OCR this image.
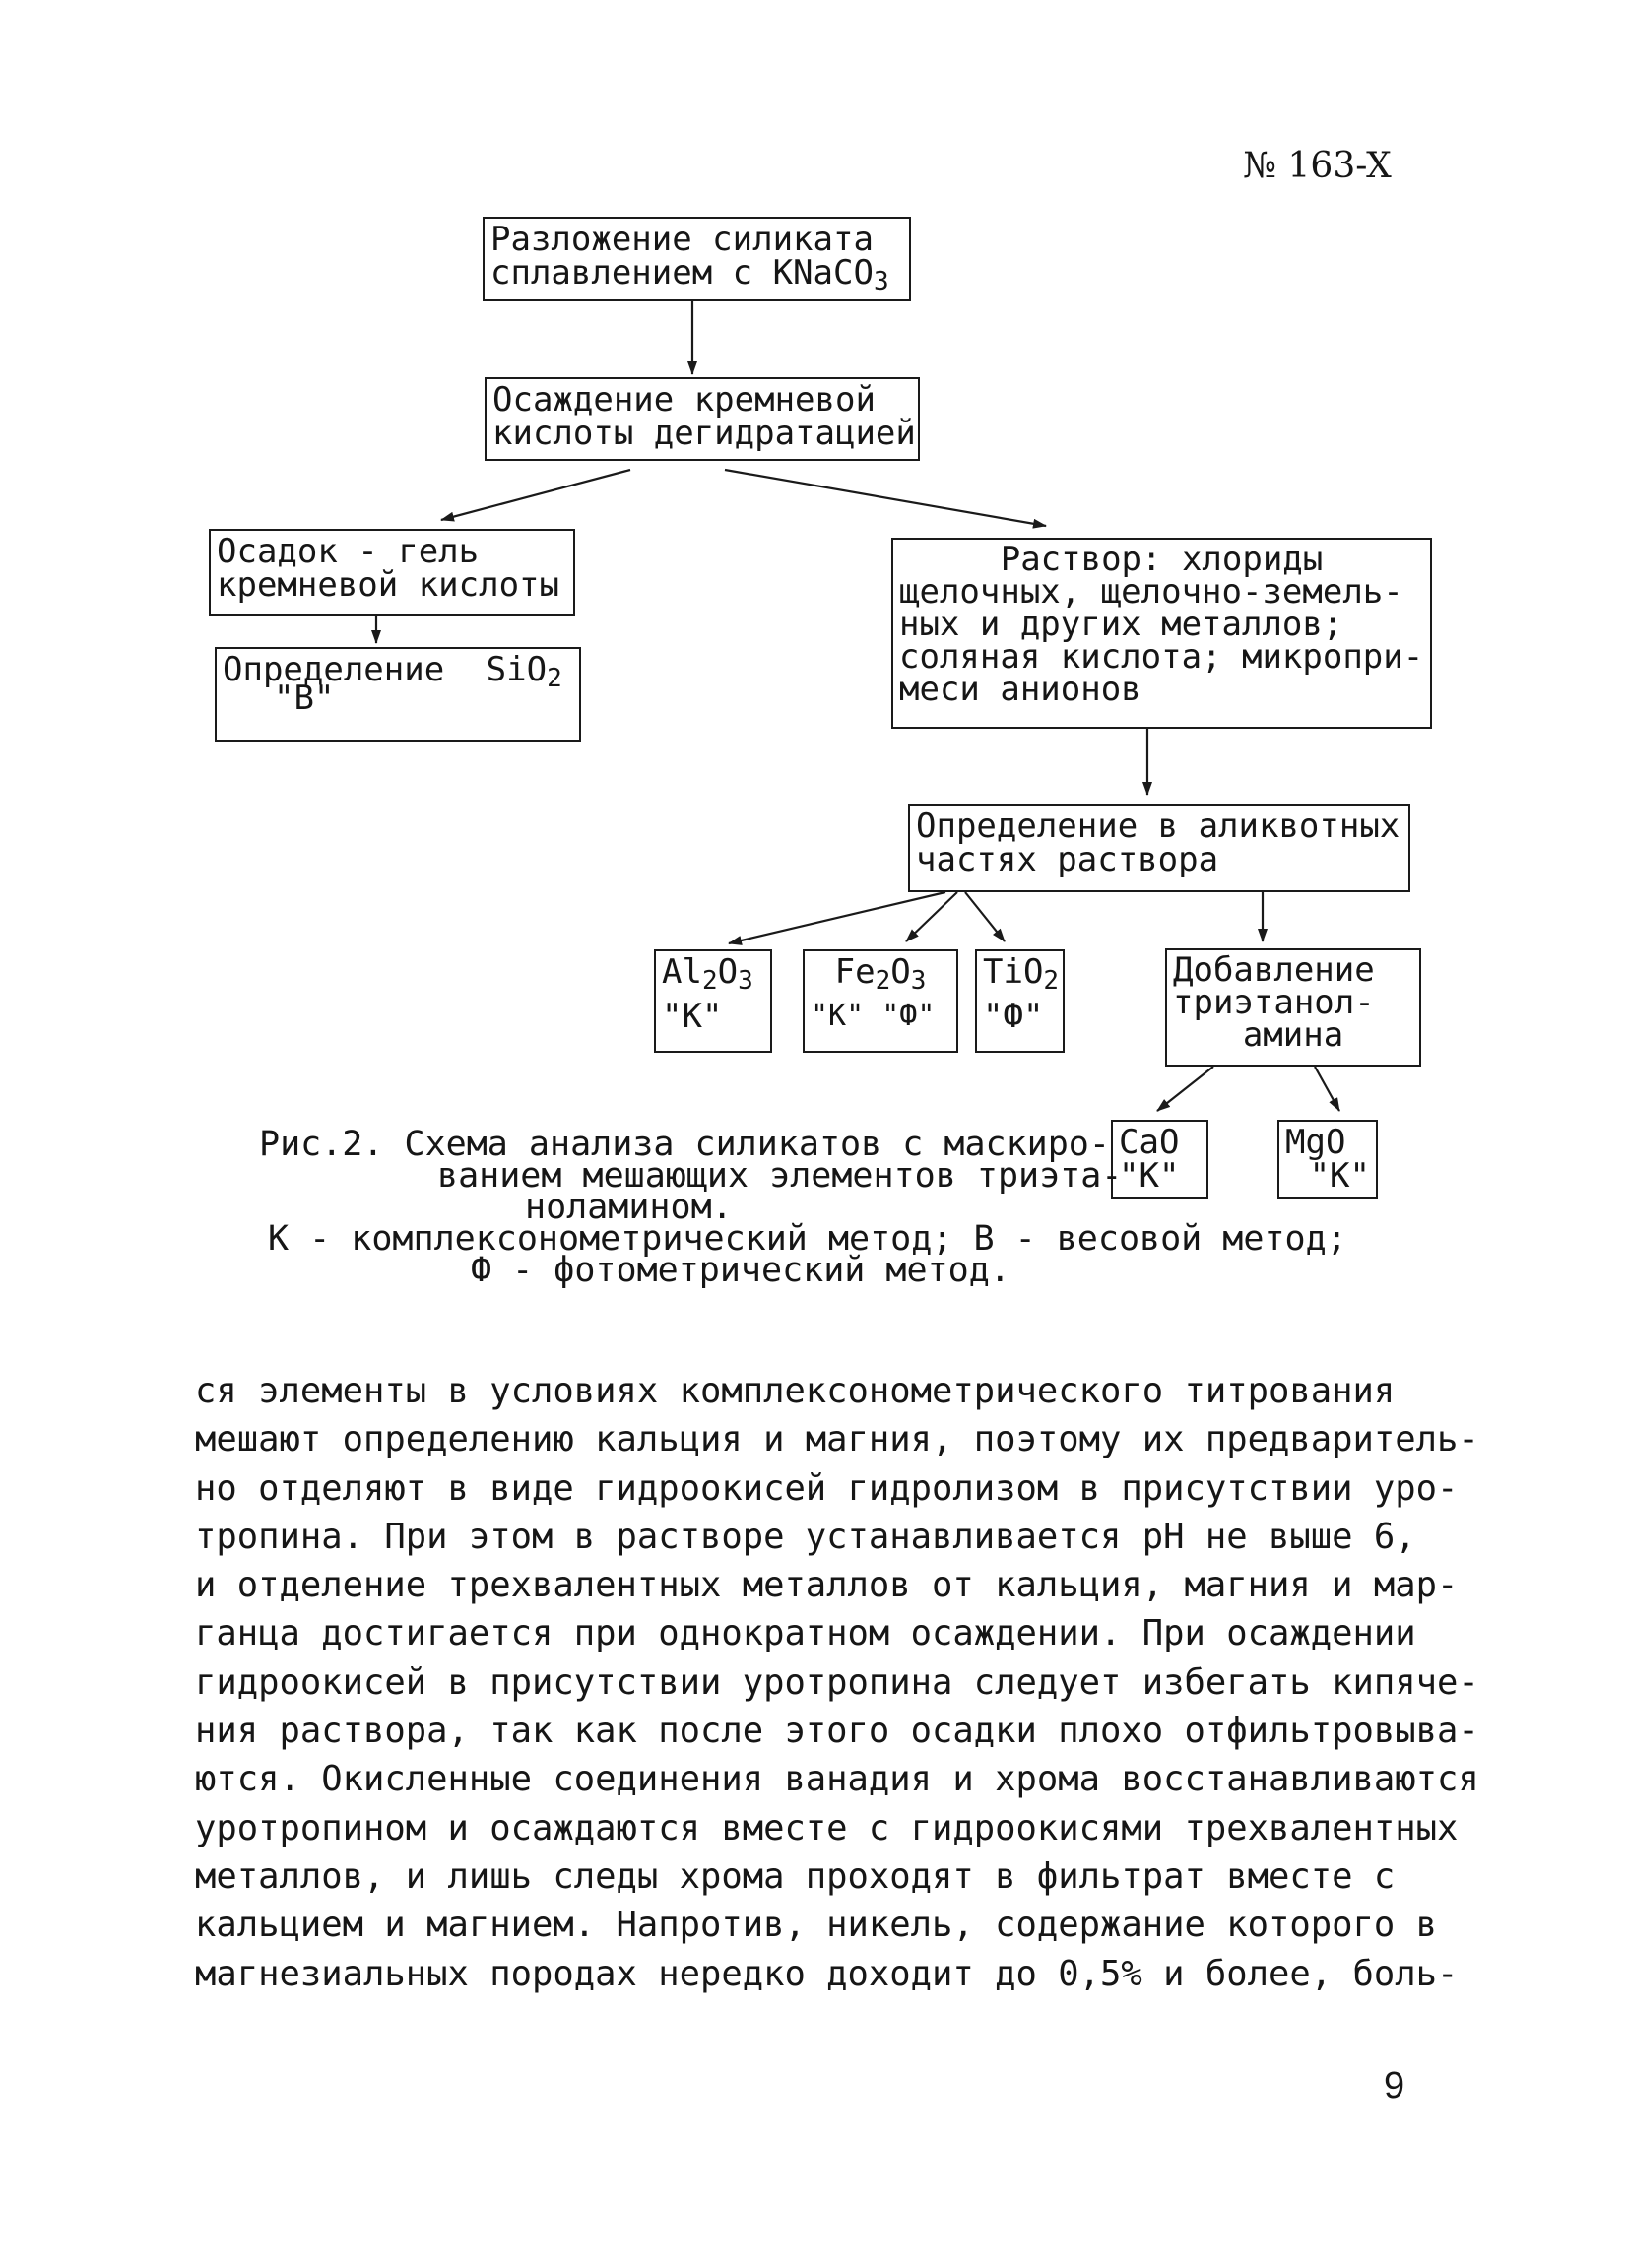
№ 163-X
Разложение силиката
сплавлением с KNaCO3
Осаждение кремневой
кислоты дегидратацией
Осадок - гель
кремневой кислоты
Определение SiO2
"В"
Раствор: хлориды
щелочных, щелочно-земель-
ных и других металлов;
соляная кислота; микропри-
меси анионов
Определение в аликвотных
частях раствора
Al2O3
"К"
Fe2O3
"К" "Ф"
TiO2
"Ф"
Добавление
триэтанол-
амина
CaO
"К"
MgO
"К"
Рис.2. Схема анализа силикатов с маскиро-
ванием мешающих элементов триэта-
ноламином.
К - комплексонометрический метод; В - весовой метод;
Ф - фотометрический метод.
ся элементы в условиях комплексонометрического титрования
мешают определению кальция и магния, поэтому их предваритель-
но отделяют в виде гидроокисей гидролизом в присутствии уро-
тропина. При этом в растворе устанавливается pH не выше 6,
и отделение трехвалентных металлов от кальция, магния и мар-
ганца достигается при однократном осаждении. При осаждении
гидроокисей в присутствии уротропина следует избегать кипяче-
ния раствора, так как после этого осадки плохо отфильтровыва-
ются. Окисленные соединения ванадия и хрома восстанавливаются
уротропином и осаждаются вместе с гидроокисями трехвалентных
металлов, и лишь следы хрома проходят в фильтрат вместе с
кальцием и магнием. Напротив, никель, содержание которого в
магнезиальных породах нередко доходит до 0,5% и более, боль-
9
